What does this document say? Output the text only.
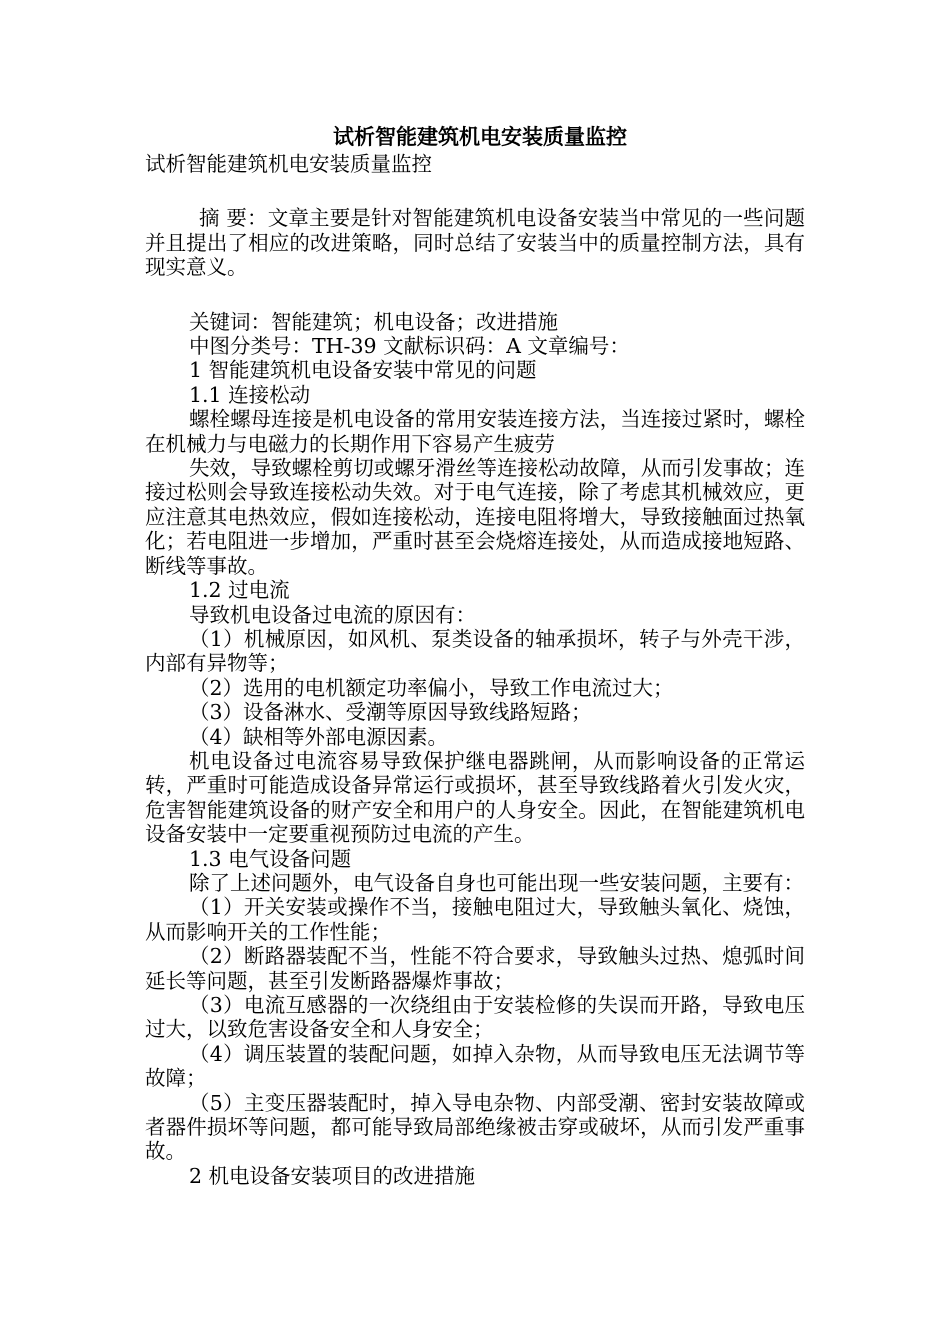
试析智能建筑机电安装质量监控

试析智能建筑机电安装质量监控

摘 要：文章主要是针对智能建筑机电设备安装当中常见的一些问题并且提出了相应的改进策略，同时总结了安装当中的质量控制方法，具有现实意义。

关键词：智能建筑；机电设备；改进措施

中图分类号：TH-39 文献标识码：A 文章编号：

1 智能建筑机电设备安装中常见的问题

1.1 连接松动

螺栓螺母连接是机电设备的常用安装连接方法，当连接过紧时，螺栓在机械力与电磁力的长期作用下容易产生疲劳

失效，导致螺栓剪切或螺牙滑丝等连接松动故障，从而引发事故；连接过松则会导致连接松动失效。对于电气连接，除了考虑其机械效应，更应注意其电热效应，假如连接松动，连接电阻将增大，导致接触面过热氧化；若电阻进一步增加，严重时甚至会烧熔连接处，从而造成接地短路、断线等事故。

1.2 过电流

导致机电设备过电流的原因有：

（1）机械原因，如风机、泵类设备的轴承损坏，转子与外壳干涉，内部有异物等；

（2）选用的电机额定功率偏小，导致工作电流过大；

（3）设备淋水、受潮等原因导致线路短路；

（4）缺相等外部电源因素。

机电设备过电流容易导致保护继电器跳闸，从而影响设备的正常运转，严重时可能造成设备异常运行或损坏，甚至导致线路着火引发火灾，危害智能建筑设备的财产安全和用户的人身安全。因此，在智能建筑机电设备安装中一定要重视预防过电流的产生。

1.3 电气设备问题

除了上述问题外，电气设备自身也可能出现一些安装问题，主要有：

（1）开关安装或操作不当，接触电阻过大，导致触头氧化、烧蚀，从而影响开关的工作性能；

（2）断路器装配不当，性能不符合要求，导致触头过热、熄弧时间延长等问题，甚至引发断路器爆炸事故；

（3）电流互感器的一次绕组由于安装检修的失误而开路，导致电压过大，以致危害设备安全和人身安全；

（4）调压装置的装配问题，如掉入杂物，从而导致电压无法调节等故障；

（5）主变压器装配时，掉入导电杂物、内部受潮、密封安装故障或者器件损坏等问题，都可能导致局部绝缘被击穿或破坏，从而引发严重事故。

2 机电设备安装项目的改进措施
